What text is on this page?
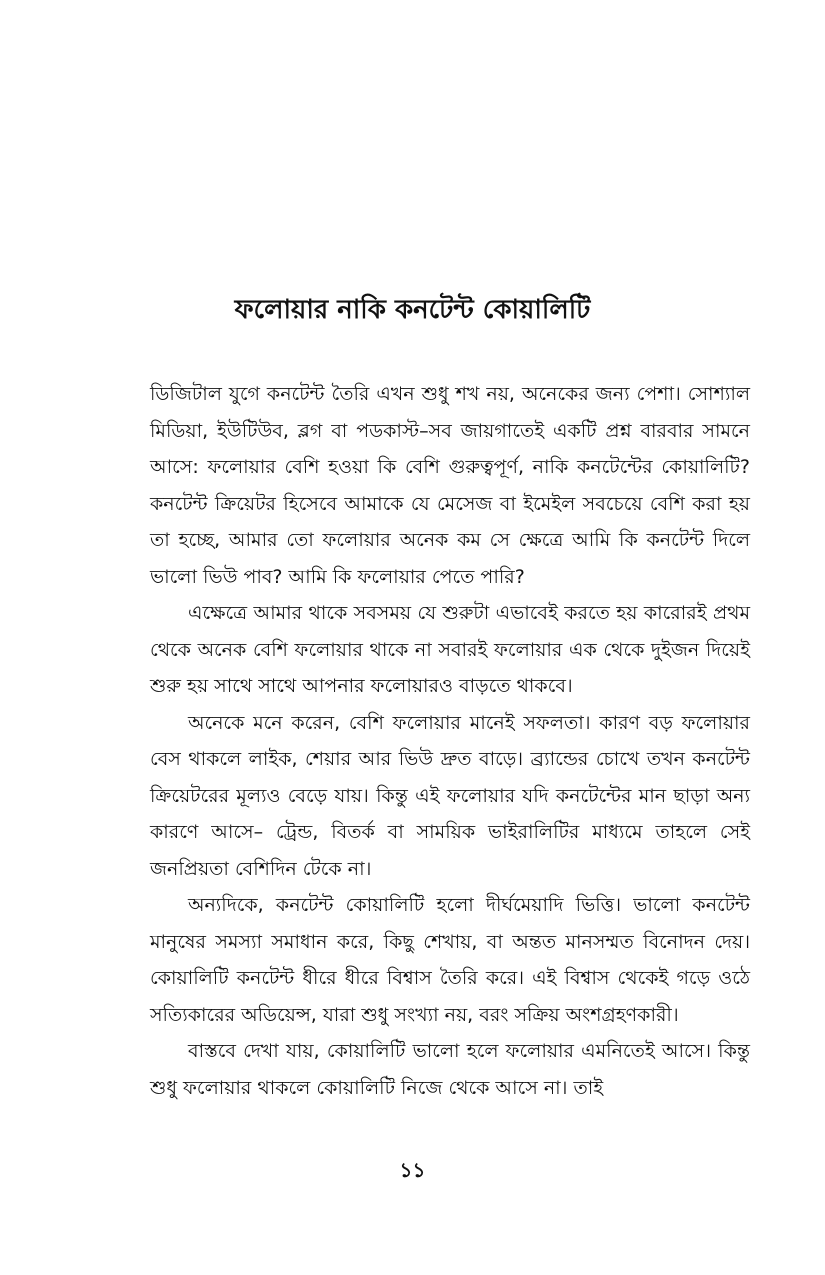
ফলোয়ার নাকি কনটেন্ট কোয়ালিটি

ডিজিটাল যুগে কনটেন্ট তৈরি এখন শুধু শখ নয়, অনেকের জন্য পেশা। সোশ্যাল মিডিয়া, ইউটিউব, ব্লগ বা পডকাস্ট–সব জায়গাতেই একটি প্রশ্ন বারবার সামনে আসে: ফলোয়ার বেশি হওয়া কি বেশি গুরুত্বপূর্ণ, নাকি কনটেন্টের কোয়ালিটি? কনটেন্ট ক্রিয়েটর হিসেবে আমাকে যে মেসেজ বা ইমেইল সবচেয়ে বেশি করা হয় তা হচ্ছে, আমার তো ফলোয়ার অনেক কম সে ক্ষেত্রে আমি কি কনটেন্ট দিলে ভালো ভিউ পাব? আমি কি ফলোয়ার পেতে পারি?

এক্ষেত্রে আমার থাকে সবসময় যে শুরুটা এভাবেই করতে হয় কারোরই প্রথম থেকে অনেক বেশি ফলোয়ার থাকে না সবারই ফলোয়ার এক থেকে দুইজন দিয়েই শুরু হয় সাথে সাথে আপনার ফলোয়ারও বাড়তে থাকবে।

অনেকে মনে করেন, বেশি ফলোয়ার মানেই সফলতা। কারণ বড় ফলোয়ার বেস থাকলে লাইক, শেয়ার আর ভিউ দ্রুত বাড়ে। ব্র্যান্ডের চোখে তখন কনটেন্ট ক্রিয়েটরের মূল্যও বেড়ে যায়। কিন্তু এই ফলোয়ার যদি কনটেন্টের মান ছাড়া অন্য কারণে আসে– ট্রেন্ড, বিতর্ক বা সাময়িক ভাইরালিটির মাধ্যমে তাহলে সেই জনপ্রিয়তা বেশিদিন টেকে না।

অন্যদিকে, কনটেন্ট কোয়ালিটি হলো দীর্ঘমেয়াদি ভিত্তি। ভালো কনটেন্ট মানুষের সমস্যা সমাধান করে, কিছু শেখায়, বা অন্তত মানসম্মত বিনোদন দেয়। কোয়ালিটি কনটেন্ট ধীরে ধীরে বিশ্বাস তৈরি করে। এই বিশ্বাস থেকেই গড়ে ওঠে সত্যিকারের অডিয়েন্স, যারা শুধু সংখ্যা নয়, বরং সক্রিয় অংশগ্রহণকারী।

বাস্তবে দেখা যায়, কোয়ালিটি ভালো হলে ফলোয়ার এমনিতেই আসে। কিন্তু শুধু ফলোয়ার থাকলে কোয়ালিটি নিজে থেকে আসে না। তাই

১১
